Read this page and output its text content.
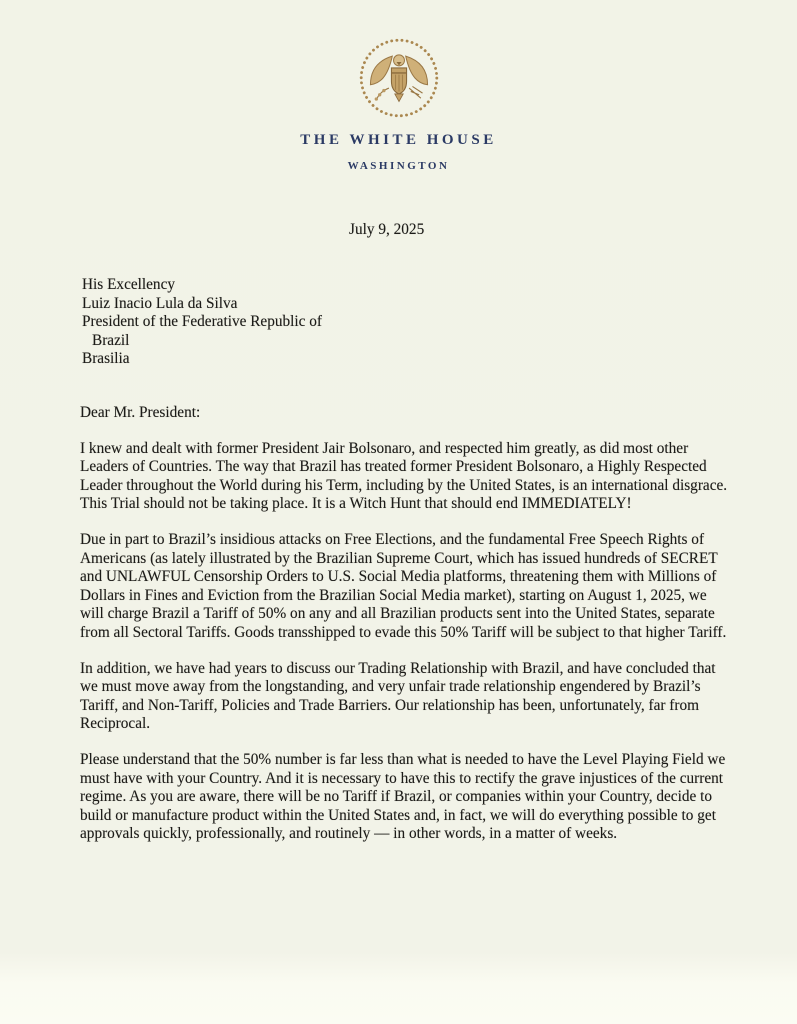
THE WHITE HOUSE
WASHINGTON
July 9, 2025
His Excellency
Luiz Inacio Lula da Silva
President of the Federative Republic of
Brazil
Brasilia

Dear Mr. President:

I knew and dealt with former President Jair Bolsonaro, and respected him greatly, as did most other Leaders of Countries. The way that Brazil has treated former President Bolsonaro, a Highly Respected Leader throughout the World during his Term, including by the United States, is an international disgrace. This Trial should not be taking place. It is a Witch Hunt that should end IMMEDIATELY!

Due in part to Brazil’s insidious attacks on Free Elections, and the fundamental Free Speech Rights of Americans (as lately illustrated by the Brazilian Supreme Court, which has issued hundreds of SECRET and UNLAWFUL Censorship Orders to U.S. Social Media platforms, threatening them with Millions of Dollars in Fines and Eviction from the Brazilian Social Media market), starting on August 1, 2025, we will charge Brazil a Tariff of 50% on any and all Brazilian products sent into the United States, separate from all Sectoral Tariffs. Goods transshipped to evade this 50% Tariff will be subject to that higher Tariff.

In addition, we have had years to discuss our Trading Relationship with Brazil, and have concluded that we must move away from the longstanding, and very unfair trade relationship engendered by Brazil’s Tariff, and Non-Tariff, Policies and Trade Barriers. Our relationship has been, unfortunately, far from Reciprocal.

Please understand that the 50% number is far less than what is needed to have the Level Playing Field we must have with your Country. And it is necessary to have this to rectify the grave injustices of the current regime. As you are aware, there will be no Tariff if Brazil, or companies within your Country, decide to build or manufacture product within the United States and, in fact, we will do everything possible to get approvals quickly, professionally, and routinely — in other words, in a matter of weeks.
